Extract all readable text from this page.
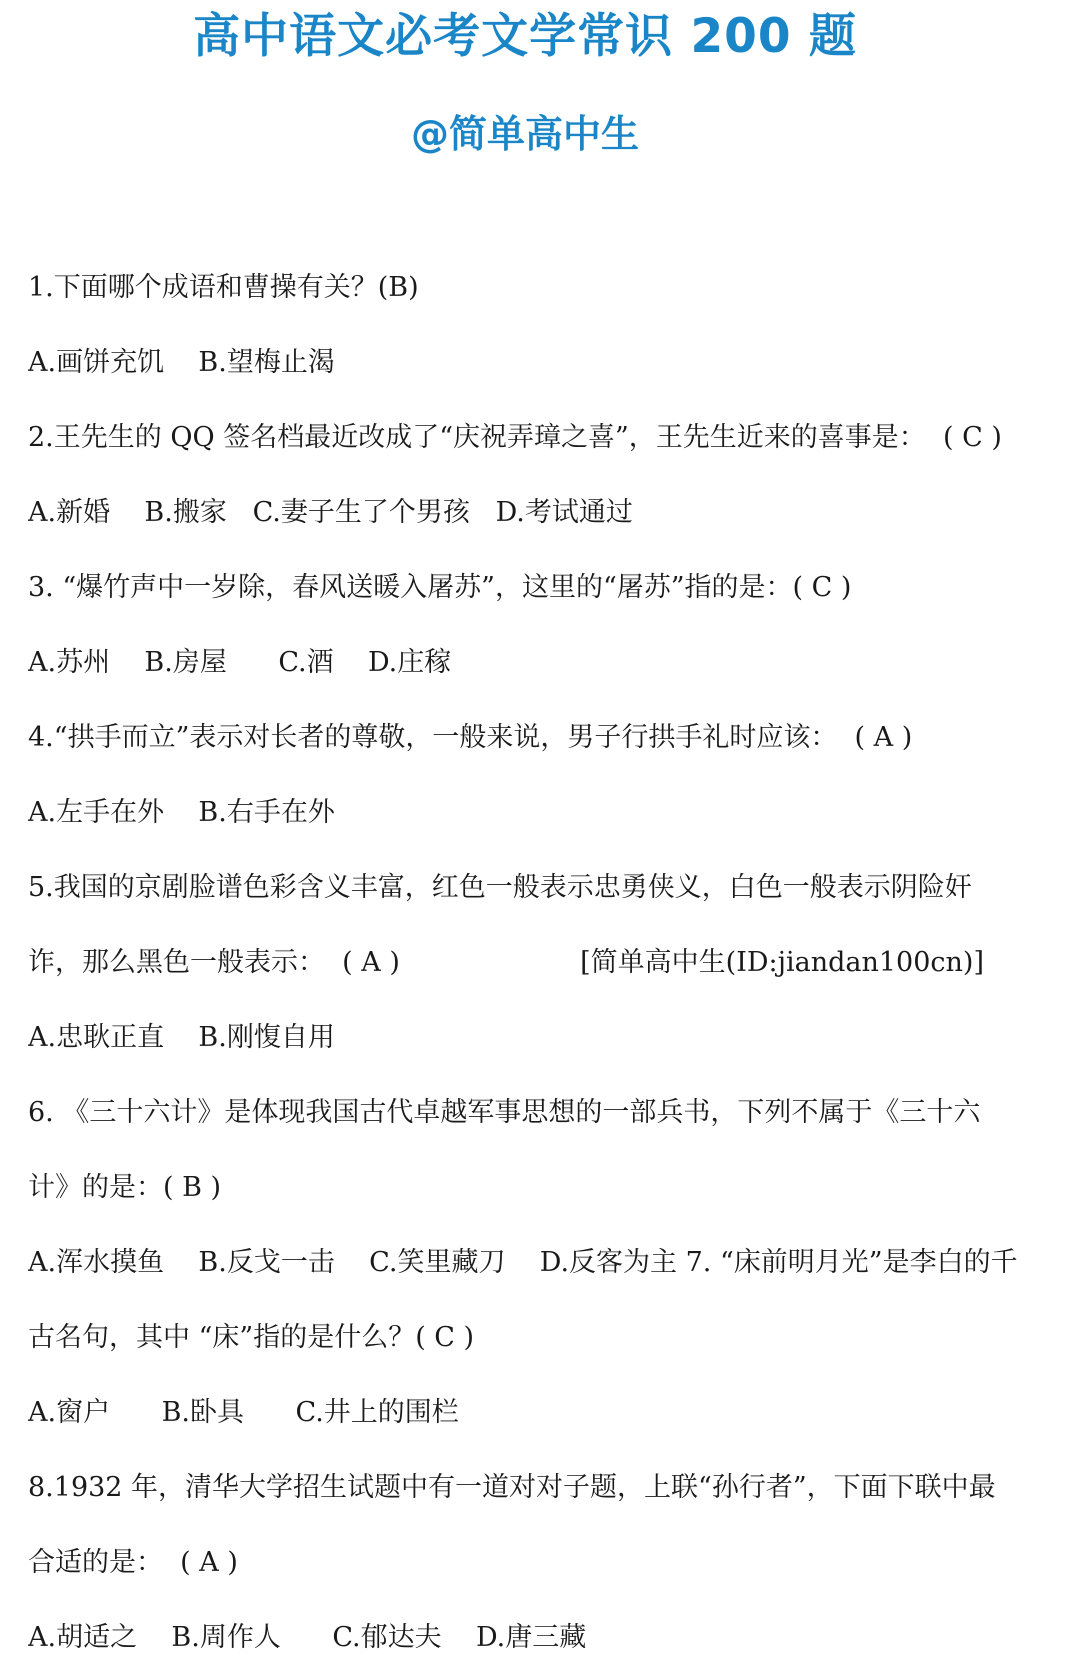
高中语文必考文学常识 200 题
@简单高中生
1.下面哪个成语和曹操有关？(B)
A.画饼充饥    B.望梅止渴
2.王先生的 QQ 签名档最近改成了“庆祝弄璋之喜”，王先生近来的喜事是：  ( C )
A.新婚    B.搬家   C.妻子生了个男孩   D.考试通过
3. “爆竹声中一岁除，春风送暖入屠苏”，这里的“屠苏”指的是：( C )
A.苏州    B.房屋      C.酒    D.庄稼
4.“拱手而立”表示对长者的尊敬，一般来说，男子行拱手礼时应该：  ( A )
A.左手在外    B.右手在外
5.我国的京剧脸谱色彩含义丰富，红色一般表示忠勇侠义，白色一般表示阴险奸
诈，那么黑色一般表示：  ( A )                     [简单高中生(ID:jiandan100cn)]
A.忠耿正直    B.刚愎自用
6. 《三十六计》是体现我国古代卓越军事思想的一部兵书，下列不属于《三十六
计》的是：( B )
A.浑水摸鱼    B.反戈一击    C.笑里藏刀    D.反客为主 7. “床前明月光”是李白的千
古名句，其中 “床”指的是什么？( C )
A.窗户      B.卧具      C.井上的围栏
8.1932 年，清华大学招生试题中有一道对对子题，上联“孙行者”，下面下联中最
合适的是：  ( A )
A.胡适之    B.周作人      C.郁达夫    D.唐三藏
